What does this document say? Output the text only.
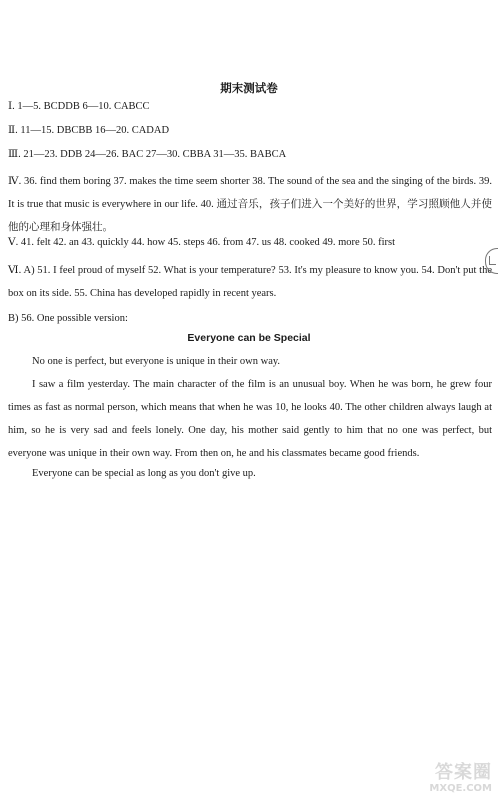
期末测试卷
Ⅰ. 1—5. BCDDB 6—10. CABCC
Ⅱ. 11—15. DBCBB 16—20. CADAD
Ⅲ. 21—23. DDB 24—26. BAC 27—30. CBBA 31—35. BABCA
Ⅳ. 36. find them boring 37. makes the time seem shorter 38. The sound of the sea and the singing of the birds. 39. It is true that music is everywhere in our life. 40. 通过音乐，孩子们进入一个美好的世界，学习照顾他人并使他的心理和身体强壮。
Ⅴ. 41. felt 42. an 43. quickly 44. how 45. steps 46. from 47. us 48. cooked 49. more 50. first
Ⅵ. A) 51. I feel proud of myself 52. What is your temperature? 53. It's my pleasure to know you. 54. Don't put the box on its side. 55. China has developed rapidly in recent years.
B) 56. One possible version:
Everyone can be Special
No one is perfect, but everyone is unique in their own way.
I saw a film yesterday. The main character of the film is an unusual boy. When he was born, he grew four times as fast as normal person, which means that when he was 10, he looks 40. The other children always laugh at him, so he is very sad and feels lonely. One day, his mother said gently to him that no one was perfect, but everyone was unique in their own way. From then on, he and his classmates became good friends.
Everyone can be special as long as you don't give up.
答案圈
MXQE.COM
